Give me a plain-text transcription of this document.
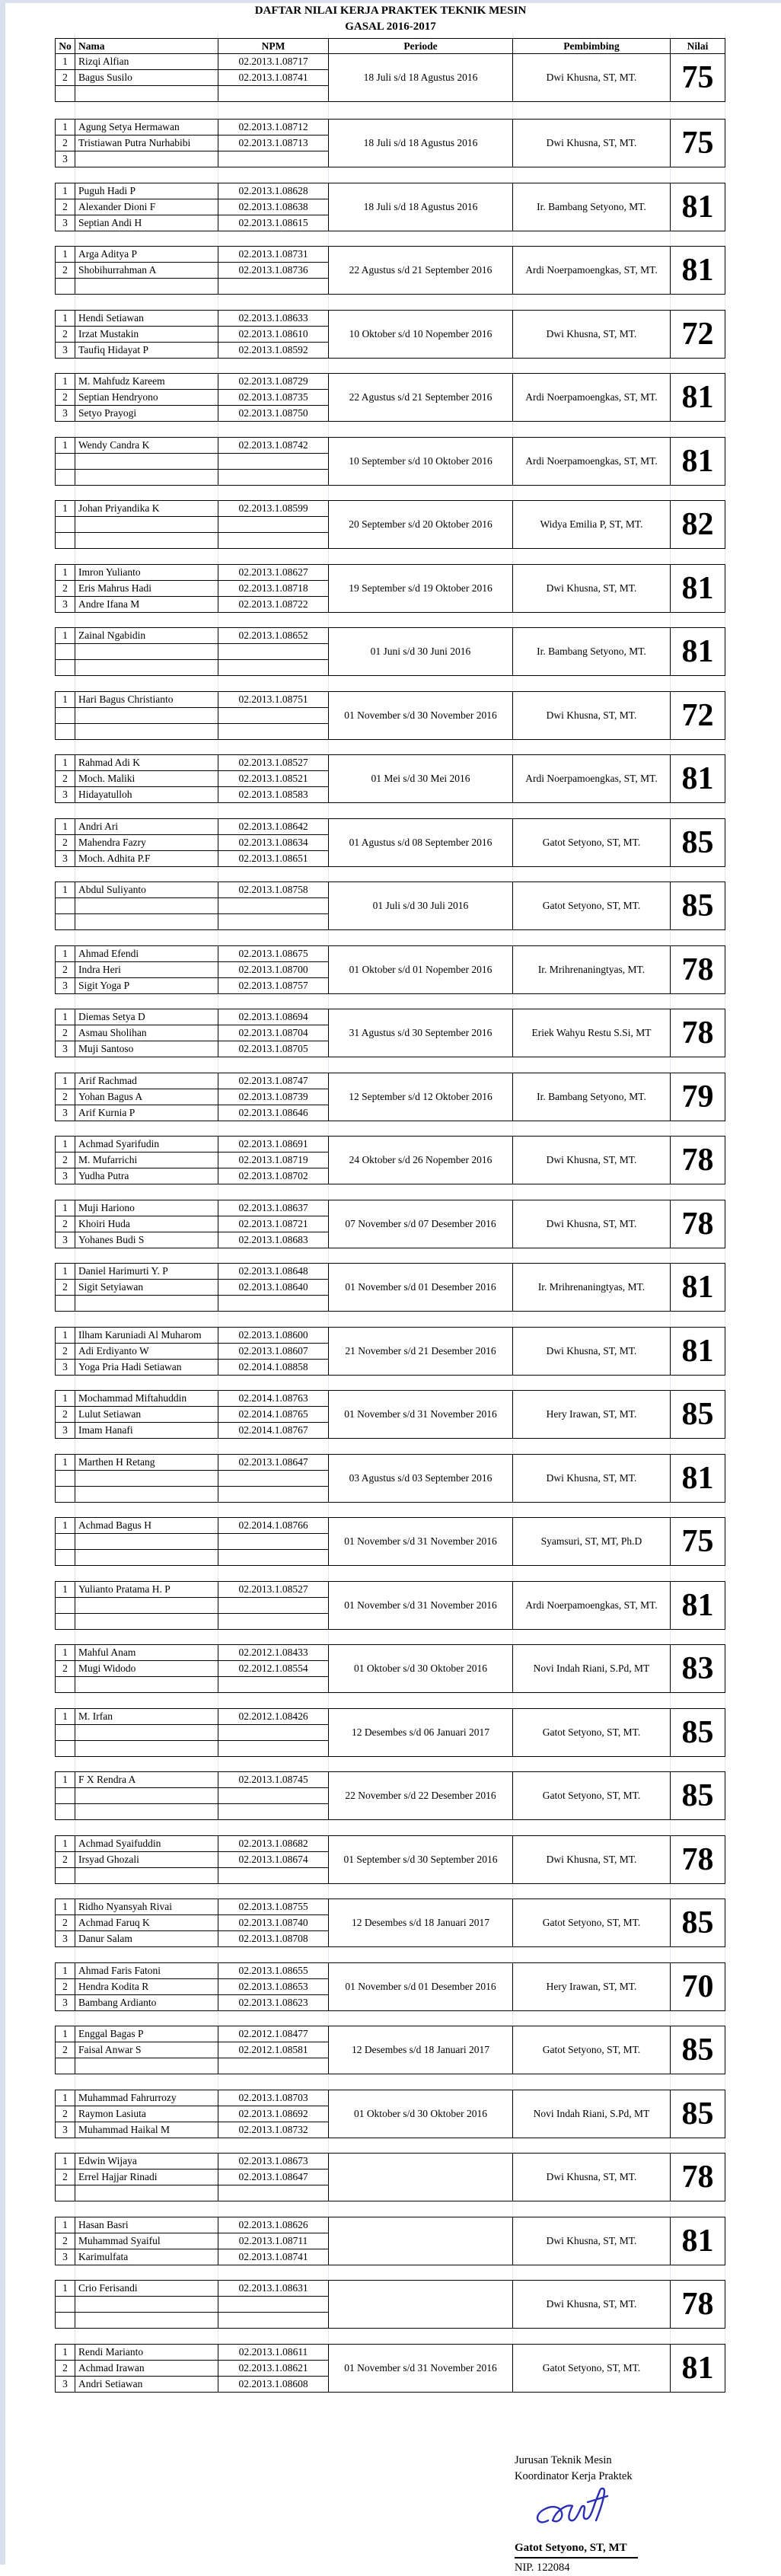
DAFTAR NILAI KERJA PRAKTEK TEKNIK MESIN
GASAL 2016-2017
No	Nama	NPM	Periode	Pembimbing	Nilai
1	Rizqi Alfian	02.2013.1.08717	18 Juli s/d 18 Agustus 2016	Dwi Khusna, ST, MT.	75
2	Bagus Susilo	02.2013.1.08741			

1	Agung Setya Hermawan	02.2013.1.08712	18 Juli s/d 18 Agustus 2016	Dwi Khusna, ST, MT.	75
2	Tristiawan Putra Nurhabibi	02.2013.1.08713			
3					
1	Puguh Hadi P	02.2013.1.08628	18 Juli s/d 18 Agustus 2016	Ir. Bambang Setyono, MT.	81
2	Alexander Dioni F	02.2013.1.08638			
3	Septian Andi H	02.2013.1.08615			
1	Arga Aditya P	02.2013.1.08731	22 Agustus s/d 21 September 2016	Ardi Noerpamoengkas, ST, MT.	81
2	Shobihurrahman A	02.2013.1.08736			

1	Hendi Setiawan	02.2013.1.08633	10 Oktober s/d 10 Nopember 2016	Dwi Khusna, ST, MT.	72
2	Irzat Mustakin	02.2013.1.08610			
3	Taufiq Hidayat P	02.2013.1.08592			
1	M. Mahfudz Kareem	02.2013.1.08729	22 Agustus s/d 21 September 2016	Ardi Noerpamoengkas, ST, MT.	81
2	Septian Hendryono	02.2013.1.08735			
3	Setyo Prayogi	02.2013.1.08750			
1	Wendy Candra K	02.2013.1.08742	10 September s/d 10 Oktober 2016	Ardi Noerpamoengkas, ST, MT.	81

1	Johan Priyandika K	02.2013.1.08599	20 September s/d 20 Oktober 2016	Widya Emilia P, ST, MT.	82

1	Imron Yulianto	02.2013.1.08627	19 September s/d 19 Oktober 2016	Dwi Khusna, ST, MT.	81
2	Eris Mahrus Hadi	02.2013.1.08718			
3	Andre Ifana M	02.2013.1.08722			
1	Zainal Ngabidin	02.2013.1.08652	01 Juni s/d 30 Juni 2016	Ir. Bambang Setyono, MT.	81

1	Hari Bagus Christianto	02.2013.1.08751	01 November s/d 30 November 2016	Dwi Khusna, ST, MT.	72

1	Rahmad Adi K	02.2013.1.08527	01 Mei s/d 30 Mei 2016	Ardi Noerpamoengkas, ST, MT.	81
2	Moch. Maliki	02.2013.1.08521			
3	Hidayatulloh	02.2013.1.08583			
1	Andri Ari	02.2013.1.08642	01 Agustus s/d 08 September 2016	Gatot Setyono, ST, MT.	85
2	Mahendra Fazry	02.2013.1.08634			
3	Moch. Adhita P.F	02.2013.1.08651			
1	Abdul Suliyanto	02.2013.1.08758	01 Juli s/d 30 Juli 2016	Gatot Setyono, ST, MT.	85

1	Ahmad Efendi	02.2013.1.08675	01 Oktober s/d 01 Nopember 2016	Ir. Mrihrenaningtyas, MT.	78
2	Indra Heri	02.2013.1.08700			
3	Sigit Yoga P	02.2013.1.08757			
1	Diemas Setya D	02.2013.1.08694	31 Agustus s/d 30 September 2016	Eriek Wahyu Restu S.Si, MT	78
2	Asmau Sholihan	02.2013.1.08704			
3	Muji Santoso	02.2013.1.08705			
1	Arif Rachmad	02.2013.1.08747	12 September s/d 12 Oktober 2016	Ir. Bambang Setyono, MT.	79
2	Yohan Bagus A	02.2013.1.08739			
3	Arif Kurnia P	02.2013.1.08646			
1	Achmad Syarifudin	02.2013.1.08691	24 Oktober s/d 26 Nopember 2016	Dwi Khusna, ST, MT.	78
2	M. Mufarrichi	02.2013.1.08719			
3	Yudha Putra	02.2013.1.08702			
1	Muji Hariono	02.2013.1.08637	07 November s/d 07 Desember 2016	Dwi Khusna, ST, MT.	78
2	Khoiri Huda	02.2013.1.08721			
3	Yohanes Budi S	02.2013.1.08683			
1	Daniel Harimurti Y. P	02.2013.1.08648	01 November s/d 01 Desember 2016	Ir. Mrihrenaningtyas, MT.	81
2	Sigit Setyiawan	02.2013.1.08640			

1	Ilham Karuniadi Al Muharom	02.2013.1.08600	21 November s/d 21 Desember 2016	Dwi Khusna, ST, MT.	81
2	Adi Erdiyanto W	02.2013.1.08607			
3	Yoga Pria Hadi Setiawan	02.2014.1.08858			
1	Mochammad Miftahuddin	02.2014.1.08763	01 November s/d 31 November 2016	Hery Irawan, ST, MT.	85
2	Lulut Setiawan	02.2014.1.08765			
3	Imam Hanafi	02.2014.1.08767			
1	Marthen H Retang	02.2013.1.08647	03 Agustus s/d 03 September 2016	Dwi Khusna, ST, MT.	81

1	Achmad Bagus H	02.2014.1.08766	01 November s/d 31 November 2016	Syamsuri, ST, MT, Ph.D	75

1	Yulianto Pratama H. P	02.2013.1.08527	01 November s/d 31 November 2016	Ardi Noerpamoengkas, ST, MT.	81

1	Mahful Anam	02.2012.1.08433	01 Oktober s/d 30 Oktober 2016	Novi Indah Riani, S.Pd, MT	83
2	Mugi Widodo	02.2012.1.08554			

1	M. Irfan	02.2012.1.08426	12 Desembes s/d 06 Januari 2017	Gatot Setyono, ST, MT.	85

1	F X Rendra A	02.2013.1.08745	22 November s/d 22 Desember 2016	Gatot Setyono, ST, MT.	85

1	Achmad Syaifuddin	02.2013.1.08682	01 September s/d 30 September 2016	Dwi Khusna, ST, MT.	78
2	Irsyad Ghozali	02.2013.1.08674			

1	Ridho Nyansyah Rivai	02.2013.1.08755	12 Desembes s/d 18 Januari 2017	Gatot Setyono, ST, MT.	85
2	Achmad Faruq K	02.2013.1.08740			
3	Danur Salam	02.2013.1.08708			
1	Ahmad Faris Fatoni	02.2013.1.08655	01 November s/d 01 Desember 2016	Hery Irawan, ST, MT.	70
2	Hendra Kodita R	02.2013.1.08653			
3	Bambang Ardianto	02.2013.1.08623			
1	Enggal Bagas P	02.2012.1.08477	12 Desembes s/d 18 Januari 2017	Gatot Setyono, ST, MT.	85
2	Faisal Anwar S	02.2012.1.08581			

1	Muhammad Fahrurrozy	02.2013.1.08703	01 Oktober s/d 30 Oktober 2016	Novi Indah Riani, S.Pd, MT	85
2	Raymon Lasiuta	02.2013.1.08692			
3	Muhammad Haikal M	02.2013.1.08732			
1	Edwin Wijaya	02.2013.1.08673		Dwi Khusna, ST, MT.	78
2	Errel Hajjar Rinadi	02.2013.1.08647			

1	Hasan Basri	02.2013.1.08626		Dwi Khusna, ST, MT.	81
2	Muhammad Syaiful	02.2013.1.08711			
3	Karimulfata	02.2013.1.08741			
1	Crio Ferisandi	02.2013.1.08631		Dwi Khusna, ST, MT.	78

1	Rendi Marianto	02.2013.1.08611	01 November s/d 31 November 2016	Gatot Setyono, ST, MT.	81
2	Achmad Irawan	02.2013.1.08621			
3	Andri Setiawan	02.2013.1.08608			
Jurusan Teknik Mesin
Koordinator Kerja Praktek
Gatot Setyono, ST, MT
NIP. 122084
